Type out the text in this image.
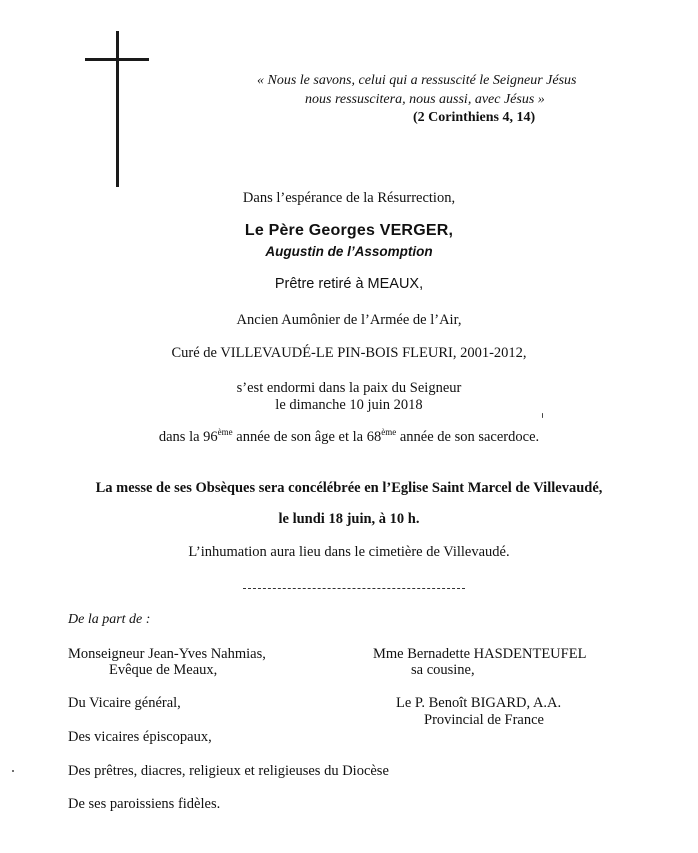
« Nous le savons, celui qui a ressuscité le Seigneur Jésus
nous ressuscitera, nous aussi, avec Jésus »
(2 Corinthiens 4, 14)
Dans l’espérance de la Résurrection,
Le Père Georges VERGER,
Augustin de l’Assomption
Prêtre retiré à MEAUX,
Ancien Aumônier de l’Armée de l’Air,
Curé de VILLEVAUDÉ-LE PIN-BOIS FLEURI, 2001-2012,
s’est endormi dans la paix du Seigneur
le dimanche 10 juin 2018
dans la 96ème année de son âge et la 68ème année de son sacerdoce.
La messe de ses Obsèques sera concélébrée en l’Eglise Saint Marcel de Villevaudé,
le lundi 18 juin, à 10 h.
L’inhumation aura lieu dans le cimetière de Villevaudé.
De la part de :
Monseigneur Jean-Yves Nahmias,
Evêque de Meaux,
Du Vicaire général,
Des vicaires épiscopaux,
Des prêtres, diacres, religieux et religieuses du Diocèse
De ses paroissiens fidèles.
Mme Bernadette HASDENTEUFEL
sa cousine,
Le P. Benoît BIGARD, A.A.
Provincial de France
